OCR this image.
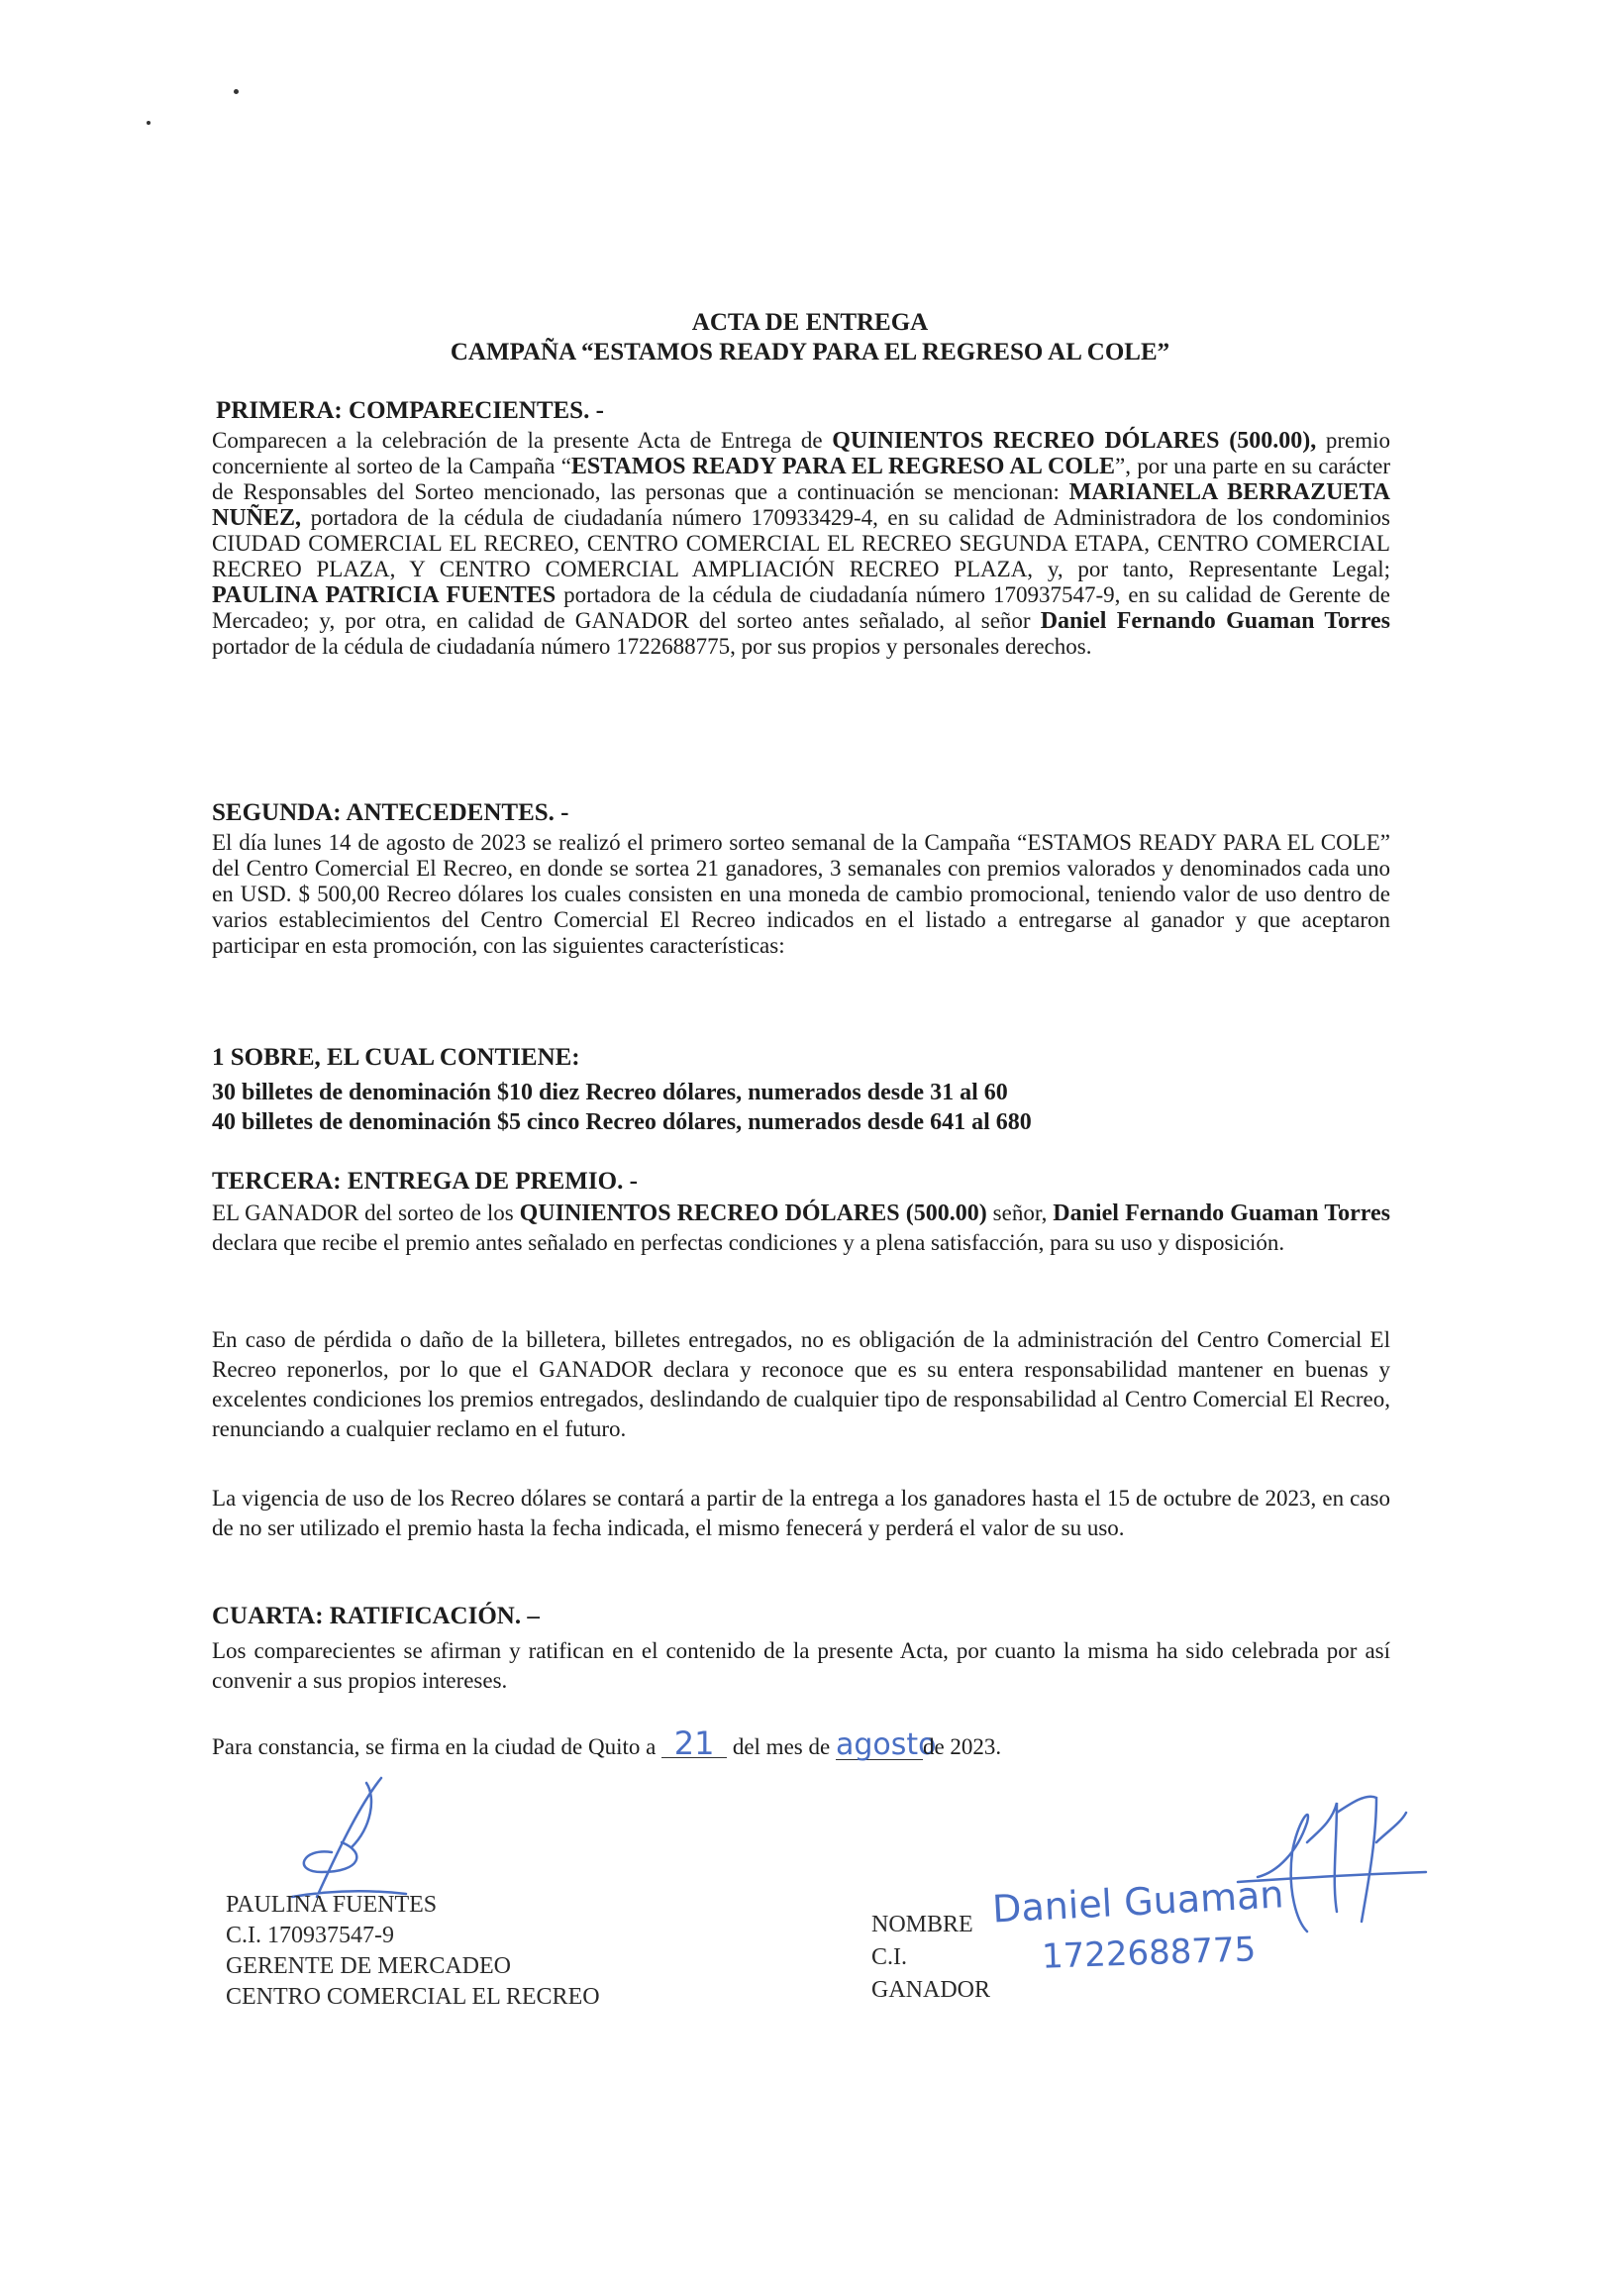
ACTA DE ENTREGA
CAMPAÑA “ESTAMOS READY PARA EL REGRESO AL COLE”
PRIMERA: COMPARECIENTES. -
Comparecen a la celebración de la presente Acta de Entrega de QUINIENTOS RECREO DÓLARES (500.00), premio concerniente al sorteo de la Campaña “ESTAMOS READY PARA EL REGRESO AL COLE”, por una parte en su carácter de Responsables del Sorteo mencionado, las personas que a continuación se mencionan: MARIANELA BERRAZUETA NUÑEZ, portadora de la cédula de ciudadanía número 170933429-4, en su calidad de Administradora de los condominios CIUDAD COMERCIAL EL RECREO, CENTRO COMERCIAL EL RECREO SEGUNDA ETAPA, CENTRO COMERCIAL RECREO PLAZA, Y CENTRO COMERCIAL AMPLIACIÓN RECREO PLAZA, y, por tanto, Representante Legal; PAULINA PATRICIA FUENTES portadora de la cédula de ciudadanía número 170937547-9, en su calidad de Gerente de Mercadeo; y, por otra, en calidad de GANADOR del sorteo antes señalado, al señor Daniel Fernando Guaman Torres portador de la cédula de ciudadanía número 1722688775, por sus propios y personales derechos.
SEGUNDA: ANTECEDENTES. -
El día lunes 14 de agosto de 2023 se realizó el primero sorteo semanal de la Campaña “ESTAMOS READY PARA EL COLE” del Centro Comercial El Recreo, en donde se sortea 21 ganadores, 3 semanales con premios valorados y denominados cada uno en USD. $ 500,00 Recreo dólares los cuales consisten en una moneda de cambio promocional, teniendo valor de uso dentro de varios establecimientos del Centro Comercial El Recreo indicados en el listado a entregarse al ganador y que aceptaron participar en esta promoción, con las siguientes características:
1 SOBRE, EL CUAL CONTIENE:
30 billetes de denominación $10 diez Recreo dólares, numerados desde 31 al 60
40 billetes de denominación $5 cinco Recreo dólares, numerados desde 641 al 680
TERCERA: ENTREGA DE PREMIO. -
EL GANADOR del sorteo de los QUINIENTOS RECREO DÓLARES (500.00) señor, Daniel Fernando Guaman Torres declara que recibe el premio antes señalado en perfectas condiciones y a plena satisfacción, para su uso y disposición.
En caso de pérdida o daño de la billetera, billetes entregados, no es obligación de la administración del Centro Comercial El Recreo reponerlos, por lo que el GANADOR declara y reconoce que es su entera responsabilidad mantener en buenas y excelentes condiciones los premios entregados, deslindando de cualquier tipo de responsabilidad al Centro Comercial El Recreo, renunciando a cualquier reclamo en el futuro.
La vigencia de uso de los Recreo dólares se contará a partir de la entrega a los ganadores hasta el 15 de octubre de 2023, en caso de no ser utilizado el premio hasta la fecha indicada, el mismo fenecerá y perderá el valor de su uso.
CUARTA: RATIFICACIÓN. –
Los comparecientes se afirman y ratifican en el contenido de la presente Acta, por cuanto la misma ha sido celebrada por así convenir a sus propios intereses.
Para constancia, se firma en la ciudad de Quito a 21 del mes de agostode 2023.
PAULINA FUENTES
C.I. 170937547-9
GERENTE DE MERCADEO
CENTRO COMERCIAL EL RECREO
NOMBRE
C.I.
GANADOR
Daniel Guaman
1722688775
